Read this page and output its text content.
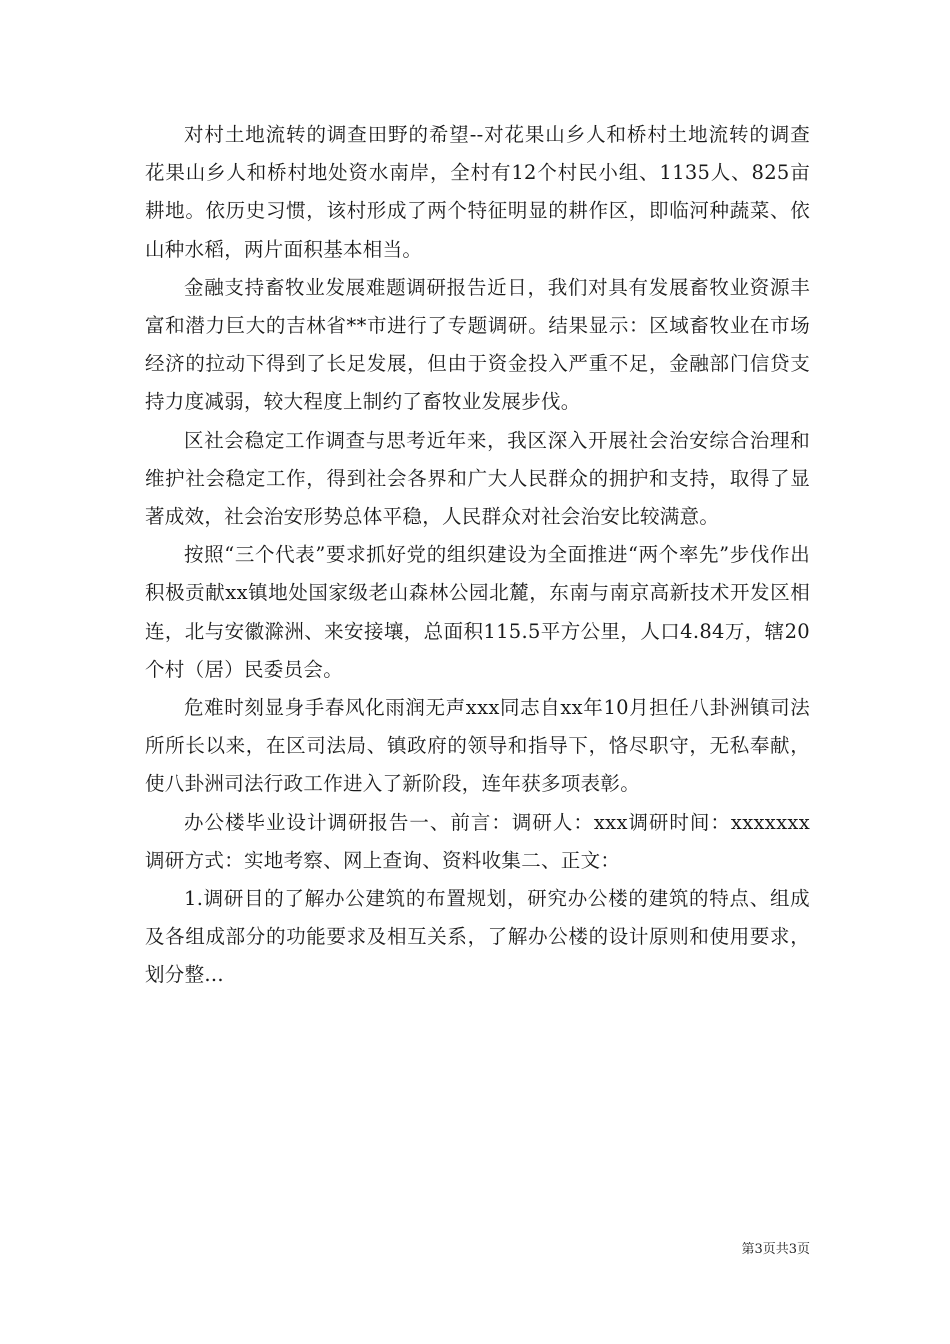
对村土地流转的调查田野的希望--对花果山乡人和桥村土地流转的调查花果山乡人和桥村地处资水南岸，全村有12个村民小组、1135人、825亩耕地。依历史习惯，该村形成了两个特征明显的耕作区，即临河种蔬菜、依山种水稻，两片面积基本相当。

金融支持畜牧业发展难题调研报告近日，我们对具有发展畜牧业资源丰富和潜力巨大的吉林省**市进行了专题调研。结果显示：区域畜牧业在市场经济的拉动下得到了长足发展，但由于资金投入严重不足，金融部门信贷支持力度减弱，较大程度上制约了畜牧业发展步伐。

区社会稳定工作调查与思考近年来，我区深入开展社会治安综合治理和维护社会稳定工作，得到社会各界和广大人民群众的拥护和支持，取得了显著成效，社会治安形势总体平稳，人民群众对社会治安比较满意。

按照“三个代表”要求抓好党的组织建设为全面推进“两个率先”步伐作出积极贡献xx镇地处国家级老山森林公园北麓，东南与南京高新技术开发区相连，北与安徽滁洲、来安接壤，总面积115.5平方公里，人口4.84万，辖20个村（居）民委员会。

危难时刻显身手春风化雨润无声xxx同志自xx年10月担任八卦洲镇司法所所长以来，在区司法局、镇政府的领导和指导下，恪尽职守，无私奉献，使八卦洲司法行政工作进入了新阶段，连年获多项表彰。

办公楼毕业设计调研报告一、前言：调研人：xxx调研时间：xxxxxxx调研方式：实地考察、网上查询、资料收集二、正文：

1.调研目的了解办公建筑的布置规划，研究办公楼的建筑的特点、组成及各组成部分的功能要求及相互关系，了解办公楼的设计原则和使用要求，划分整...

第3页共3页
